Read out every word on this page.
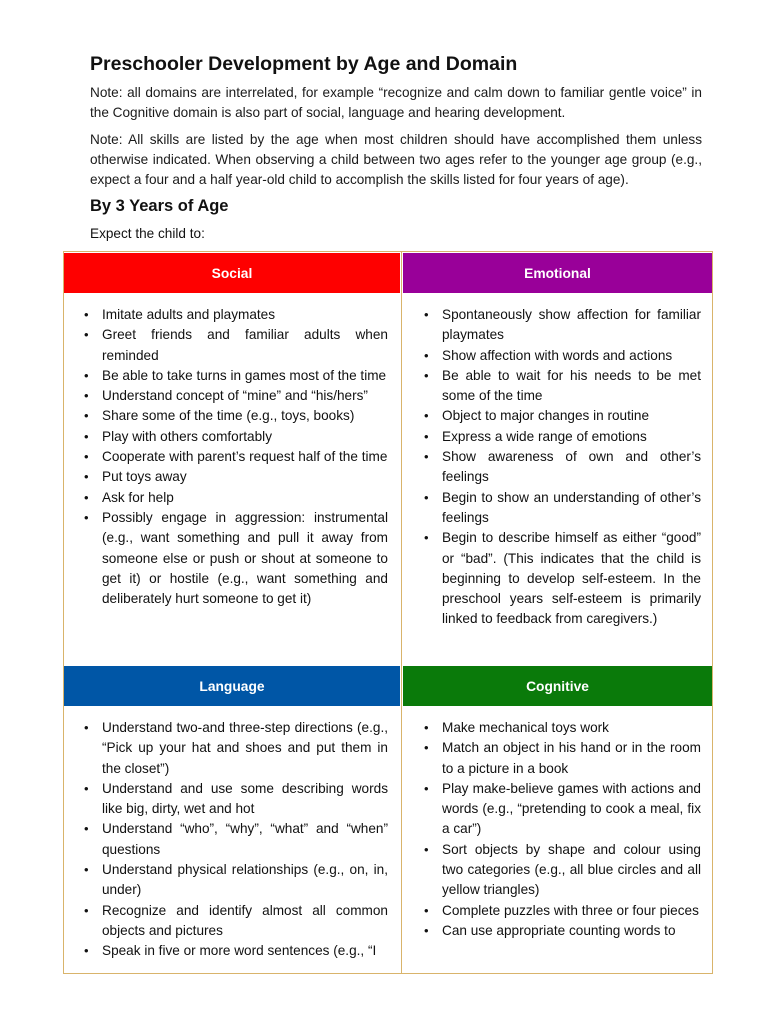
Preschooler Development by Age and Domain

Note: all domains are interrelated, for example “recognize and calm down to familiar gentle voice” in the Cognitive domain is also part of social, language and hearing development.

Note: All skills are listed by the age when most children should have accomplished them unless otherwise indicated. When observing a child between two ages refer to the younger age group (e.g., expect a four and a half year-old child to accomplish the skills listed for four years of age).

By 3 Years of Age
Expect the child to:
Social	Emotional
Language	Cognitive
• Imitate adults and playmates
• Greet friends and familiar adults when reminded
• Be able to take turns in games most of the time
• Understand concept of “mine” and “his/hers”
• Share some of the time (e.g., toys, books)
• Play with others comfortably
• Cooperate with parent’s request half of the time
• Put toys away
• Ask for help
• Possibly engage in aggression: instrumental (e.g., want something and pull it away from someone else or push or shout at someone to get it) or hostile (e.g., want something and deliberately hurt someone to get it)
• Spontaneously show affection for familiar playmates
• Show affection with words and actions
• Be able to wait for his needs to be met some of the time
• Object to major changes in routine
• Express a wide range of emotions
• Show awareness of own and other’s feelings
• Begin to show an understanding of other’s feelings
• Begin to describe himself as either “good” or “bad”. (This indicates that the child is beginning to develop self-esteem. In the preschool years self-esteem is primarily linked to feedback from caregivers.)
• Understand two-and three-step directions (e.g., “Pick up your hat and shoes and put them in the closet”)
• Understand and use some describing words like big, dirty, wet and hot
• Understand “who”, “why”, “what” and “when” questions
• Understand physical relationships (e.g., on, in, under)
• Recognize and identify almost all common objects and pictures
• Speak in five or more word sentences (e.g., “I
• Make mechanical toys work
• Match an object in his hand or in the room to a picture in a book
• Play make-believe games with actions and words (e.g., “pretending to cook a meal, fix a car”)
• Sort objects by shape and colour using two categories (e.g., all blue circles and all yellow triangles)
• Complete puzzles with three or four pieces
• Can use appropriate counting words to
